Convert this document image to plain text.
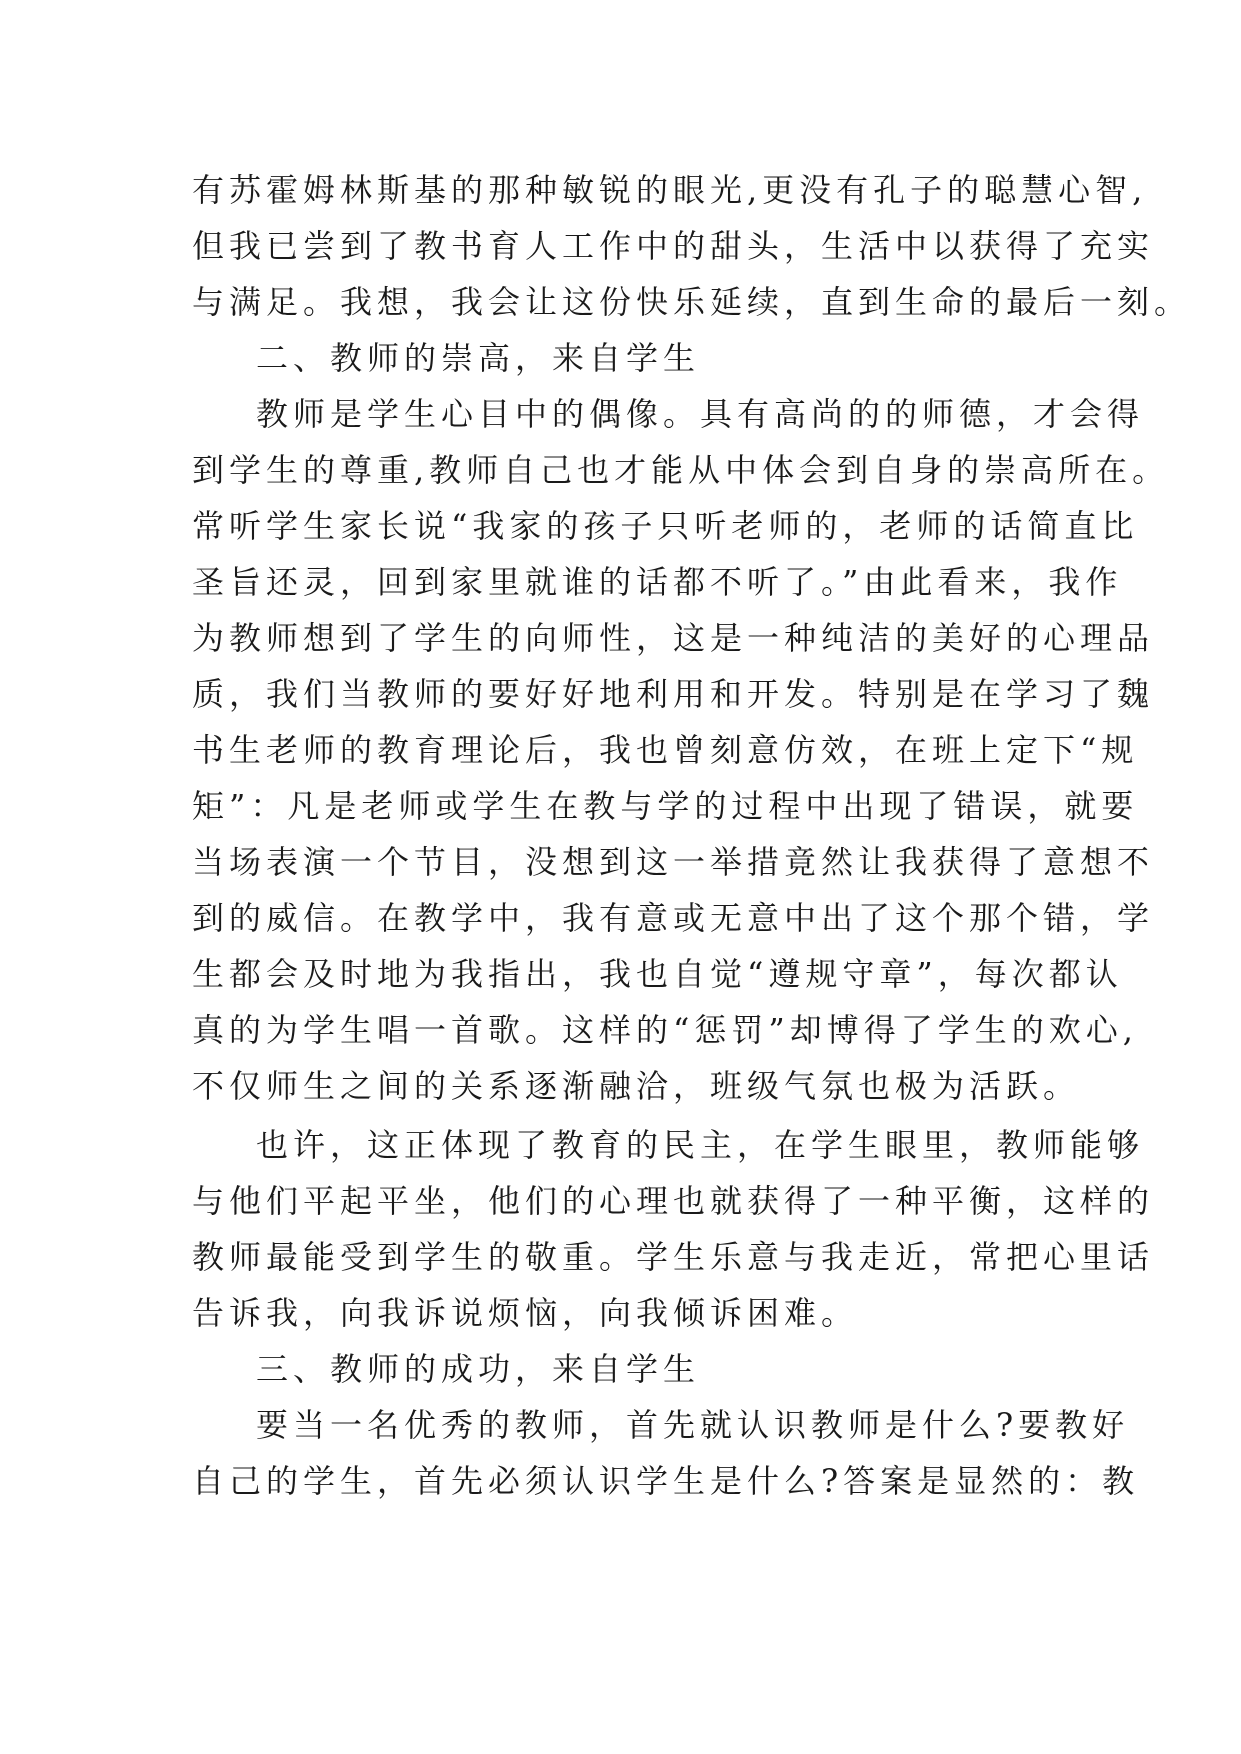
有苏霍姆林斯基的那种敏锐的眼光,更没有孔子的聪慧心智,
但我已尝到了教书育人工作中的甜头，生活中以获得了充实
与满足。我想，我会让这份快乐延续，直到生命的最后一刻。
二、教师的崇高，来自学生
教师是学生心目中的偶像。具有高尚的的师德，才会得
到学生的尊重,教师自己也才能从中体会到自身的崇高所在。
常听学生家长说“我家的孩子只听老师的，老师的话简直比
圣旨还灵，回到家里就谁的话都不听了。”由此看来，我作
为教师想到了学生的向师性，这是一种纯洁的美好的心理品
质，我们当教师的要好好地利用和开发。特别是在学习了魏
书生老师的教育理论后，我也曾刻意仿效，在班上定下“规
矩”：凡是老师或学生在教与学的过程中出现了错误，就要
当场表演一个节目，没想到这一举措竟然让我获得了意想不
到的威信。在教学中，我有意或无意中出了这个那个错，学
生都会及时地为我指出，我也自觉“遵规守章”，每次都认
真的为学生唱一首歌。这样的“惩罚”却博得了学生的欢心,
不仅师生之间的关系逐渐融洽，班级气氛也极为活跃。
也许，这正体现了教育的民主，在学生眼里，教师能够
与他们平起平坐，他们的心理也就获得了一种平衡，这样的
教师最能受到学生的敬重。学生乐意与我走近，常把心里话
告诉我，向我诉说烦恼，向我倾诉困难。
三、教师的成功，来自学生
要当一名优秀的教师，首先就认识教师是什么?要教好
自己的学生，首先必须认识学生是什么?答案是显然的：教
